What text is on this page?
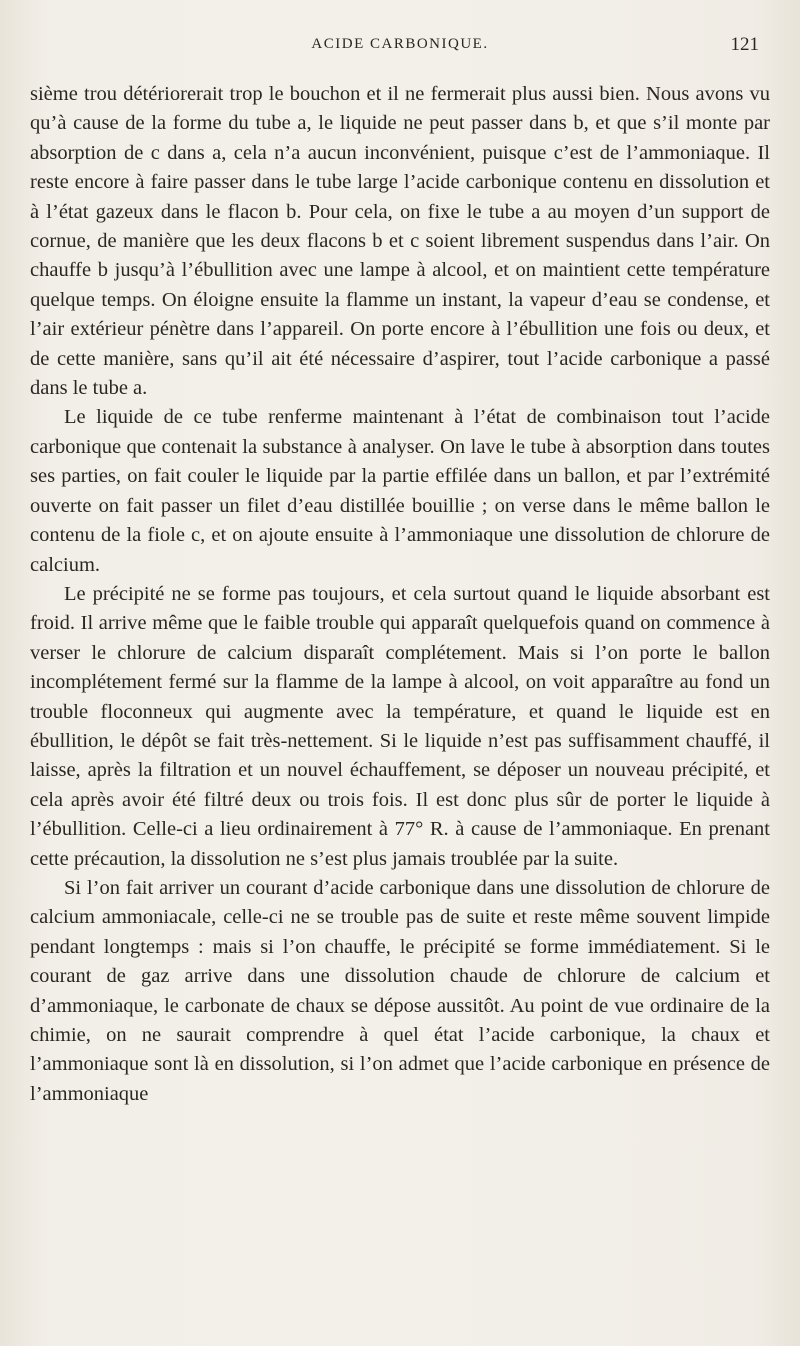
ACIDE CARBONIQUE.	121

sième trou détériorerait trop le bouchon et il ne fermerait plus aussi bien. Nous avons vu qu’à cause de la forme du tube a, le liquide ne peut passer dans b, et que s’il monte par absorption de c dans a, cela n’a aucun inconvénient, puisque c’est de l’ammoniaque. Il reste encore à faire passer dans le tube large l’acide carbonique contenu en dissolution et à l’état gazeux dans le flacon b. Pour cela, on fixe le tube a au moyen d’un support de cornue, de manière que les deux flacons b et c soient librement suspendus dans l’air. On chauffe b jusqu’à l’ébullition avec une lampe à alcool, et on maintient cette température quelque temps. On éloigne ensuite la flamme un instant, la vapeur d’eau se condense, et l’air extérieur pénètre dans l’appareil. On porte encore à l’ébullition une fois ou deux, et de cette manière, sans qu’il ait été nécessaire d’aspirer, tout l’acide carbonique a passé dans le tube a.

Le liquide de ce tube renferme maintenant à l’état de combinaison tout l’acide carbonique que contenait la substance à analyser. On lave le tube à absorption dans toutes ses parties, on fait couler le liquide par la partie effilée dans un ballon, et par l’extrémité ouverte on fait passer un filet d’eau distillée bouillie ; on verse dans le même ballon le contenu de la fiole c, et on ajoute ensuite à l’ammoniaque une dissolution de chlorure de calcium.

Le précipité ne se forme pas toujours, et cela surtout quand le liquide absorbant est froid. Il arrive même que le faible trouble qui apparaît quelquefois quand on commence à verser le chlorure de calcium disparaît complétement. Mais si l’on porte le ballon incomplétement fermé sur la flamme de la lampe à alcool, on voit apparaître au fond un trouble floconneux qui augmente avec la température, et quand le liquide est en ébullition, le dépôt se fait très-nettement. Si le liquide n’est pas suffisamment chauffé, il laisse, après la filtration et un nouvel échauffement, se déposer un nouveau précipité, et cela après avoir été filtré deux ou trois fois. Il est donc plus sûr de porter le liquide à l’ébullition. Celle-ci a lieu ordinairement à 77° R. à cause de l’ammoniaque. En prenant cette précaution, la dissolution ne s’est plus jamais troublée par la suite.

Si l’on fait arriver un courant d’acide carbonique dans une dissolution de chlorure de calcium ammoniacale, celle-ci ne se trouble pas de suite et reste même souvent limpide pendant longtemps : mais si l’on chauffe, le précipité se forme immédiatement. Si le courant de gaz arrive dans une dissolution chaude de chlorure de calcium et d’ammoniaque, le carbonate de chaux se dépose aussitôt. Au point de vue ordinaire de la chimie, on ne saurait comprendre à quel état l’acide carbonique, la chaux et l’ammoniaque sont là en dissolution, si l’on admet que l’acide carbonique en présence de l’ammoniaque
